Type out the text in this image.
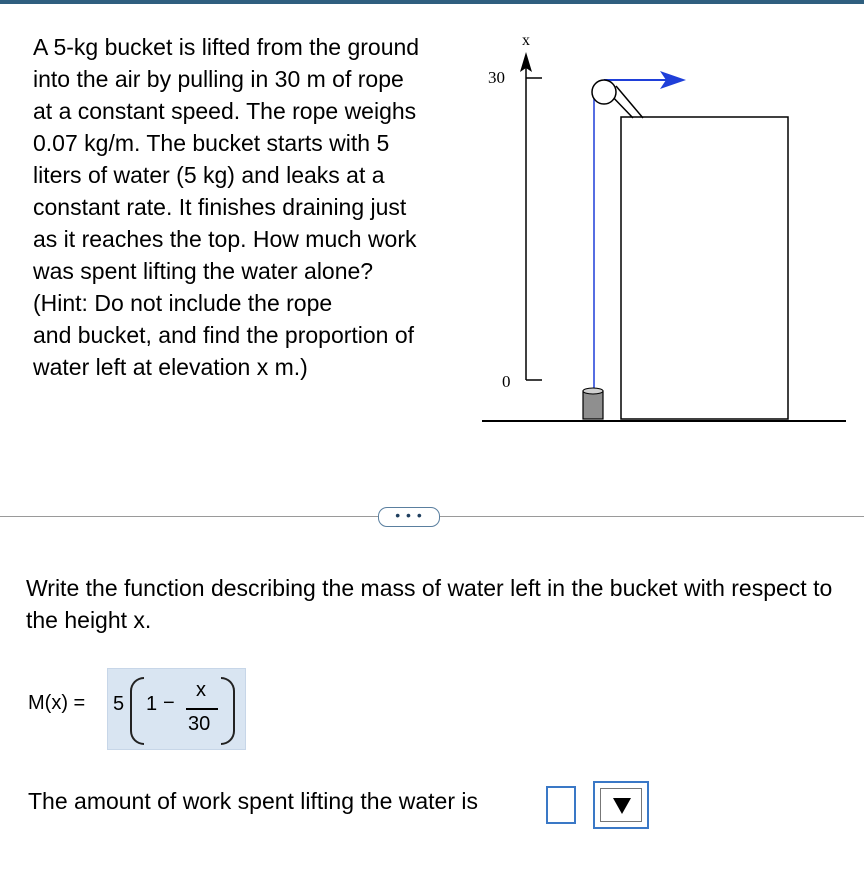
A 5-kg bucket is lifted from the ground
into the air by pulling in 30 m of rope
at a constant speed. The rope weighs
0.07 kg/m. The bucket starts with 5
liters of water (5 kg) and leaks at a
constant rate. It finishes draining just
as it reaches the top. How much work
was spent lifting the water alone?
(Hint: Do not include the rope
and bucket, and find the proportion of
water left at elevation x m.)
x
30
0
• • •
Write the function describing the mass of water left in the bucket with respect to the height x.
M(x) = 5 1 −
x
30
The amount of work spent lifting the water is
